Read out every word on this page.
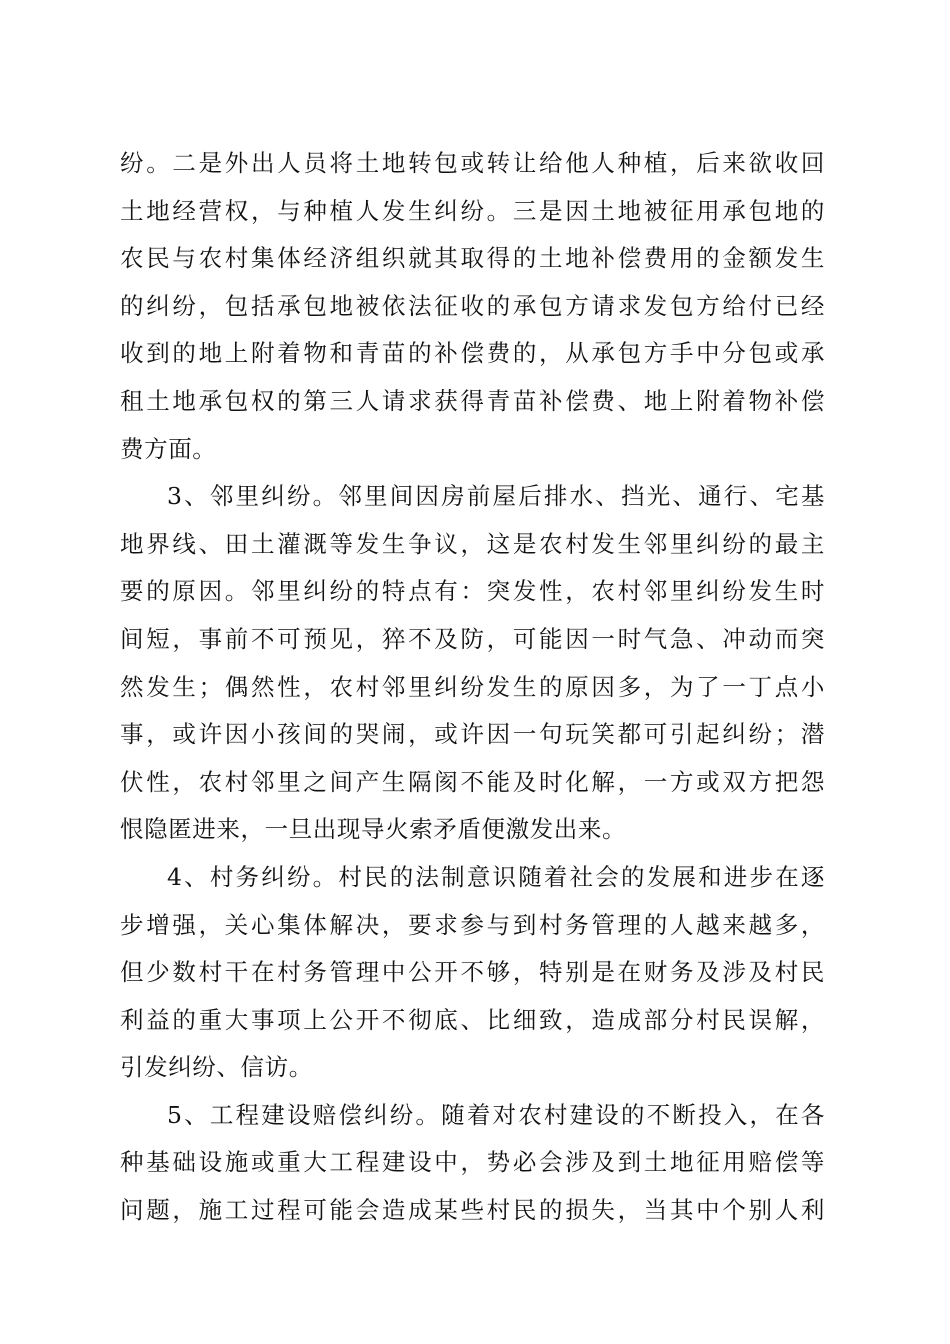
纷。二是外出人员将土地转包或转让给他人种植，后来欲收回
土地经营权，与种植人发生纠纷。三是因土地被征用承包地的
农民与农村集体经济组织就其取得的土地补偿费用的金额发生
的纠纷，包括承包地被依法征收的承包方请求发包方给付已经
收到的地上附着物和青苗的补偿费的，从承包方手中分包或承
租土地承包权的第三人请求获得青苗补偿费、地上附着物补偿
费方面。
3、邻里纠纷。邻里间因房前屋后排水、挡光、通行、宅基
地界线、田土灌溉等发生争议，这是农村发生邻里纠纷的最主
要的原因。邻里纠纷的特点有：突发性，农村邻里纠纷发生时
间短，事前不可预见，猝不及防，可能因一时气急、冲动而突
然发生；偶然性，农村邻里纠纷发生的原因多，为了一丁点小
事，或许因小孩间的哭闹，或许因一句玩笑都可引起纠纷；潜
伏性，农村邻里之间产生隔阂不能及时化解，一方或双方把怨
恨隐匿进来，一旦出现导火索矛盾便激发出来。
4、村务纠纷。村民的法制意识随着社会的发展和进步在逐
步增强，关心集体解决，要求参与到村务管理的人越来越多，
但少数村干在村务管理中公开不够，特别是在财务及涉及村民
利益的重大事项上公开不彻底、比细致，造成部分村民误解，
引发纠纷、信访。
5、工程建设赔偿纠纷。随着对农村建设的不断投入，在各
种基础设施或重大工程建设中，势必会涉及到土地征用赔偿等
问题，施工过程可能会造成某些村民的损失，当其中个别人利
